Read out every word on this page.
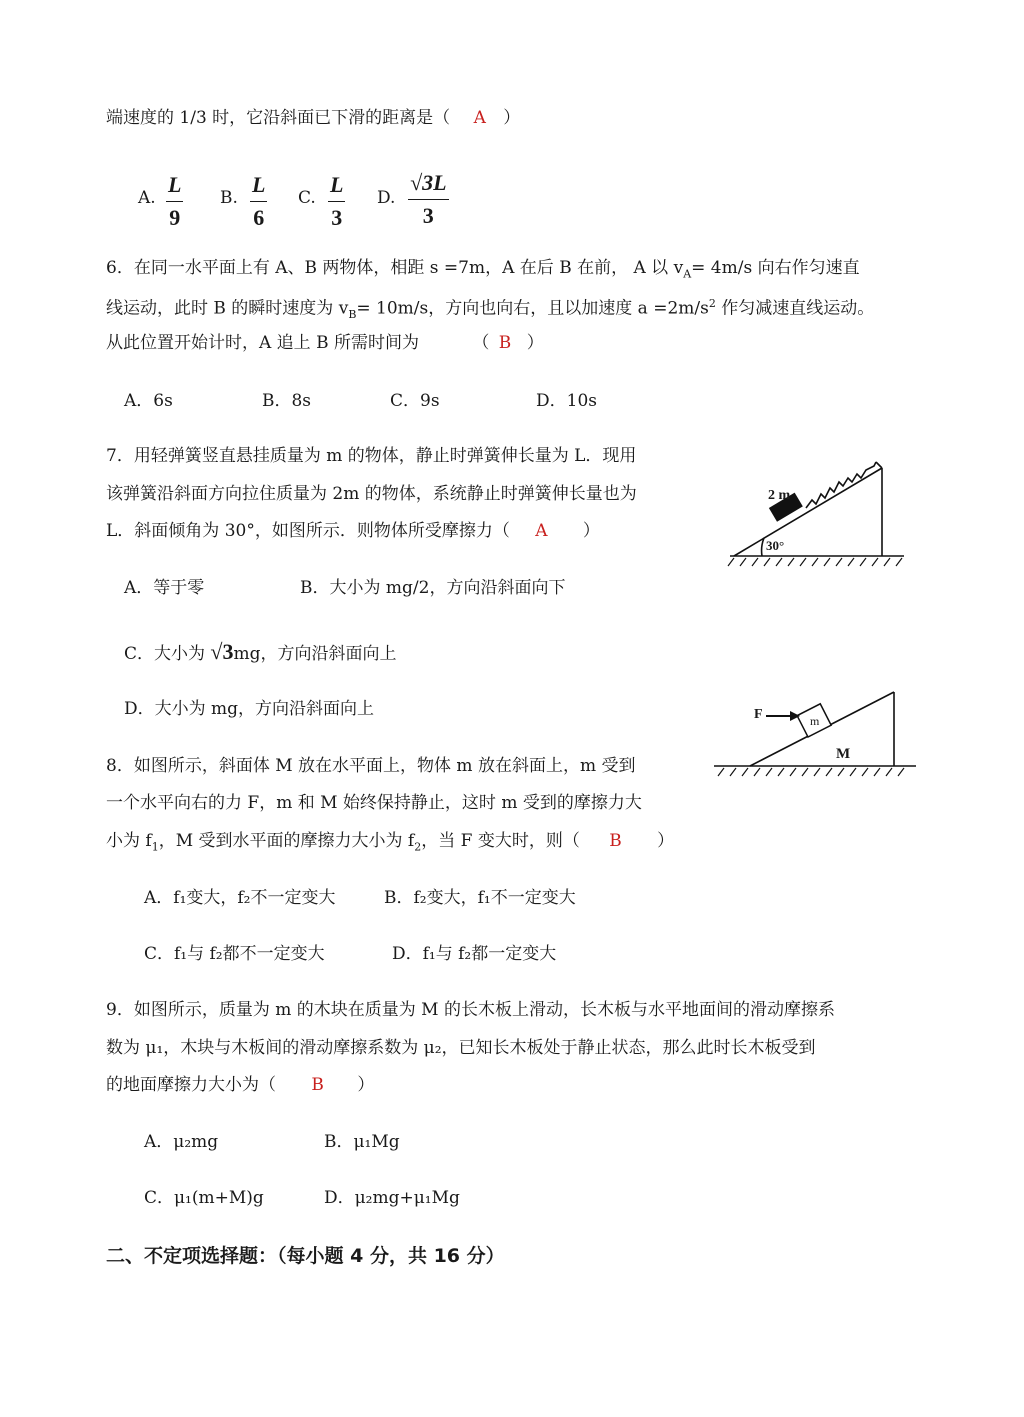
端速度的 1/3 时，它沿斜面已下滑的距离是（ A ）
A. $\frac{L}{9} B$. $\frac{L}{6} C$. $\frac{L}{3} D$. $\frac{√3L}{3}$
6．在同一水平面上有 A、B 两物体，相距 s =7m，A 在后 B 在前， A 以 $v_A= 4m/s$ 向右作匀速直
线运动，此时 B 的瞬时速度为 $v_B= 10m/s$，方向也向右，且以加速度 $a =2m/s^2$ 作匀减速直线运动。
从此位置开始计时，A 追上 B 所需时间为	（ B ）
A．6s	B．8s	C．9s	D．10s
7．用轻弹簧竖直悬挂质量为 m 的物体，静止时弹簧伸长量为 L．现用
该弹簧沿斜面方向拉住质量为 2m 的物体，系统静止时弹簧伸长量也为
L．斜面倾角为 30°，如图所示．则物体所受摩擦力（ A ）
2 m
30°
A．等于零	B．大小为 mg/2，方向沿斜面向下
C．大小为 √3mg，方向沿斜面向上
D．大小为 mg，方向沿斜面向上	F	m
M
8．如图所示，斜面体 M 放在水平面上，物体 m 放在斜面上，m 受到
一个水平向右的力 F，m 和 M 始终保持静止，这时 m 受到的摩擦力大
小为 $f_1$，M 受到水平面的摩擦力大小为 $f_2$，当 F 变大时，则（ B ）
A．f₁变大，f₂不一定变大	B．f₂变大，f₁不一定变大
C．f₁与 f₂都不一定变大	D．f₁与 f₂都一定变大
9．如图所示，质量为 m 的木块在质量为 M 的长木板上滑动，长木板与水平地面间的滑动摩擦系
数为 μ₁，木块与木板间的滑动摩擦系数为 μ₂，已知长木板处于静止状态，那么此时长木板受到
的地面摩擦力大小为（ B ）
A．μ₂mg	B．μ₁Mg
C．μ₁(m+M)g	D．μ₂mg+μ₁Mg
二、不定项选择题：（每小题 4 分，共 16 分）
